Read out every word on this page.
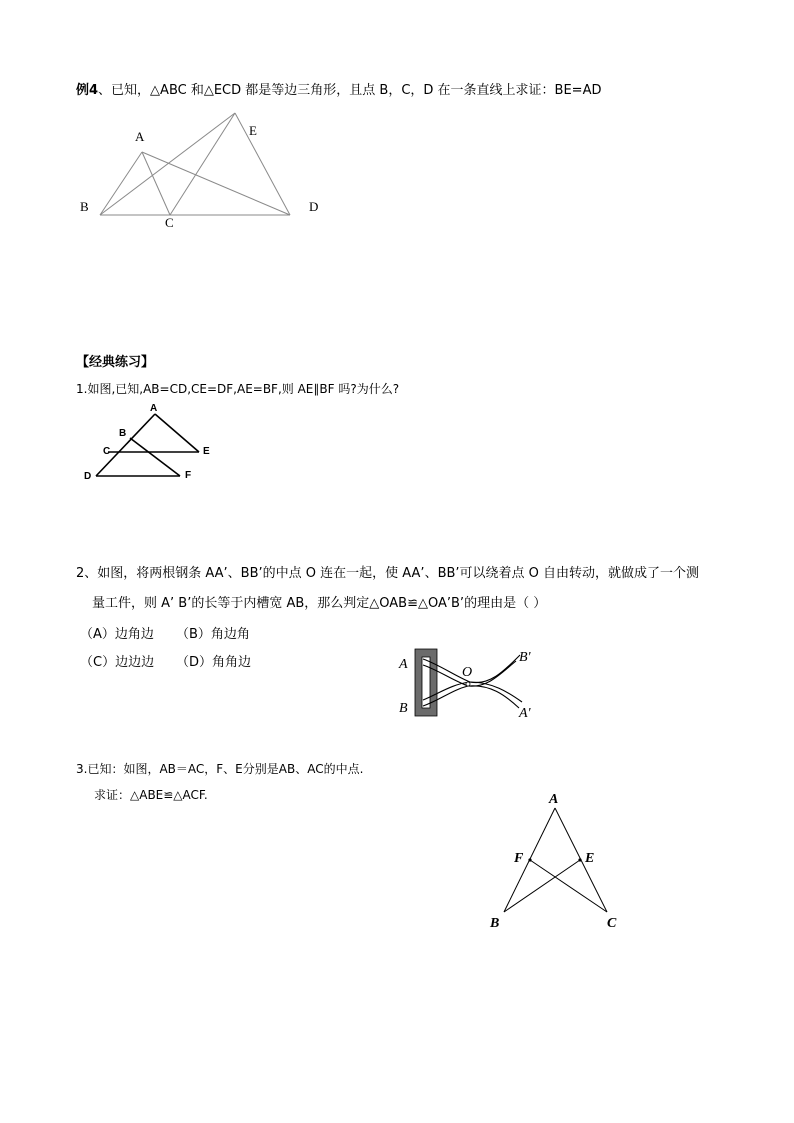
例4、已知，△ABC 和△ECD 都是等边三角形，且点 B，C，D 在一条直线上求证：BE=AD
A	E
B
C
D
【经典练习】
1.如图,已知,AB=CD,CE=DF,AE=BF,则 AE∥BF 吗?为什么?
A
B
C	E
D	F
2、如图，将两根钢条 AA’、BB’的中点 O 连在一起，使 AA’、BB’可以绕着点 O 自由转动，就做成了一个测
量工件，则 A’ B’的长等于内槽宽 AB，那么判定△OAB≌△OA’B’的理由是（ ）
（A）边角边 （B）角边角
（C）边边边 （D）角角边	A
B
O
B'
A'
3.已知：如图，AB＝AC，F、E分别是AB、AC的中点.
求证：△ABE≌△ACF.	A
F	E
B	C
